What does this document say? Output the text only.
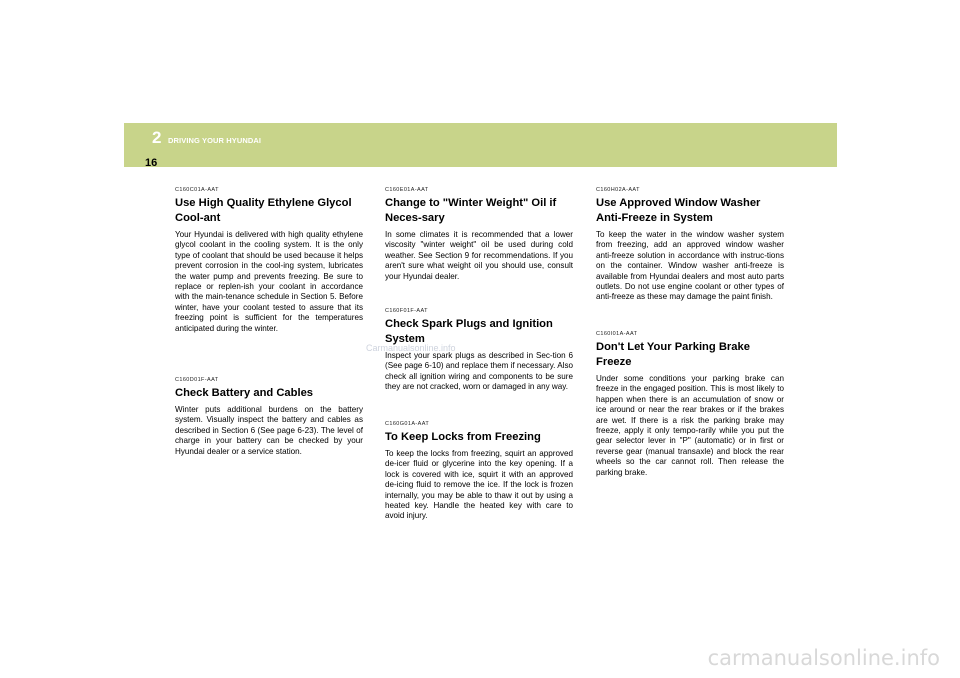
2 DRIVING YOUR HYUNDAI
16

C160C01A-AAT

Use High Quality Ethylene Glycol Cool-ant

Your Hyundai is delivered with high quality ethylene glycol coolant in the cooling system. It is the only type of coolant that should be used because it helps prevent corrosion in the cool-ing system, lubricates the water pump and prevents freezing. Be sure to replace or replen-ish your coolant in accordance with the main-tenance schedule in Section 5. Before winter, have your coolant tested to assure that its freezing point is sufficient for the temperatures anticipated during the winter.

C160D01F-AAT

Check Battery and Cables

Winter puts additional burdens on the battery system. Visually inspect the battery and cables as described in Section 6 (See page 6-23). The level of charge in your battery can be checked by your Hyundai dealer or a service station.

C160E01A-AAT

Change to "Winter Weight" Oil if Neces-sary

In some climates it is recommended that a lower viscosity "winter weight" oil be used during cold weather. See Section 9 for recommendations. If you aren't sure what weight oil you should use, consult your Hyundai dealer.

C160F01F-AAT

Check Spark Plugs and Ignition System

Inspect your spark plugs as described in Sec-tion 6 (See page 6-10) and replace them if necessary. Also check all ignition wiring and components to be sure they are not cracked, worn or damaged in any way.

C160G01A-AAT

To Keep Locks from Freezing

To keep the locks from freezing, squirt an approved de-icer fluid or glycerine into the key opening. If a lock is covered with ice, squirt it with an approved de-icing fluid to remove the ice. If the lock is frozen internally, you may be able to thaw it out by using a heated key. Handle the heated key with care to avoid injury.

C160H02A-AAT

Use Approved Window Washer Anti-Freeze in System

To keep the water in the window washer system from freezing, add an approved window washer anti-freeze solution in accordance with instruc-tions on the container. Window washer anti-freeze is available from Hyundai dealers and most auto parts outlets. Do not use engine coolant or other types of anti-freeze as these may damage the paint finish.

C160I01A-AAT

Don't Let Your Parking Brake Freeze

Under some conditions your parking brake can freeze in the engaged position. This is most likely to happen when there is an accumulation of snow or ice around or near the rear brakes or if the brakes are wet. If there is a risk the parking brake may freeze, apply it only tempo-rarily while you put the gear selector lever in "P" (automatic) or in first or reverse gear (manual transaxle) and block the rear wheels so the car cannot roll. Then release the parking brake.

Carmanualsonline.info
carmanualsonline.info
